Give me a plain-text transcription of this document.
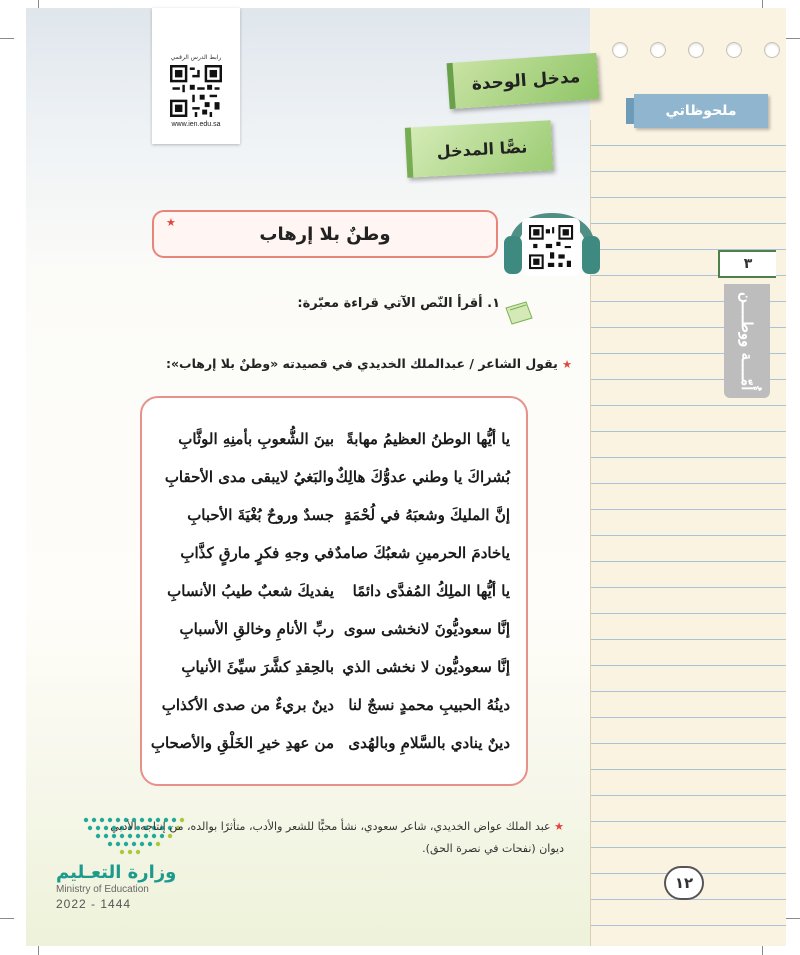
ملحوظاتي
٣
أُمّــــة ووطــــن
١٢
رابط الدرس الرقمي
www.ien.edu.sa
مدخل الوحدة
نصًّا المدخل
★
وطنٌ بلا إرهاب
١. أقرأ النّص الآتي قراءة معبّرة:
★ يقول الشاعر / عبدالملك الخديدي في قصيدته «وطنٌ بلا إرهاب»:
يا أيُّها الوطنُ العظيمُ مهابةً
بينَ الشُّعوبِ بأمنِهِ الوثَّابِ
بُشراكَ يا وطني عدوُّكَ هالِكٌ
والبَغيُ لايبقى مدى الأحقابِ
إنَّ المليكَ وشعبَهُ في لُحْمَةٍ
جسدٌ وروحٌ بُغْيَةَ الأحبابِ
ياخادمَ الحرمينِ شعبُكَ صامدٌ
في وجهِ فكرٍ مارقٍ كذَّابِ
يا أيُّها الملِكُ المُفدَّى دائمًا
يفديكَ شعبٌ طيبُ الأنسابِ
إنَّا سعوديُّونَ لانخشى سوى
ربِّ الأنامِ وخالقِ الأسبابِ
إنَّا سعوديُّون لا نخشى الذي
بالحِقدِ كشَّرَ سيِّئَ الأنيابِ
دينُهُ الحبيبِ محمدٍ نسجٌ لنا
دينٌ بريءٌ من صدى الأكذابِ
دينٌ ينادي بالسَّلامِ وبالهُدى
من عهدِ خيرِ الخَلْقِ والأصحابِ
★ عبد الملك عواض الخديدي، شاعر سعودي، نشأ محبًّا للشعر والأدب، متأثرًا بوالده، من إنتاجه الأدبي
ديوان (نفحات في نصرة الحق).
وزارة التعـليم
Ministry of Education
2022 - 1444
